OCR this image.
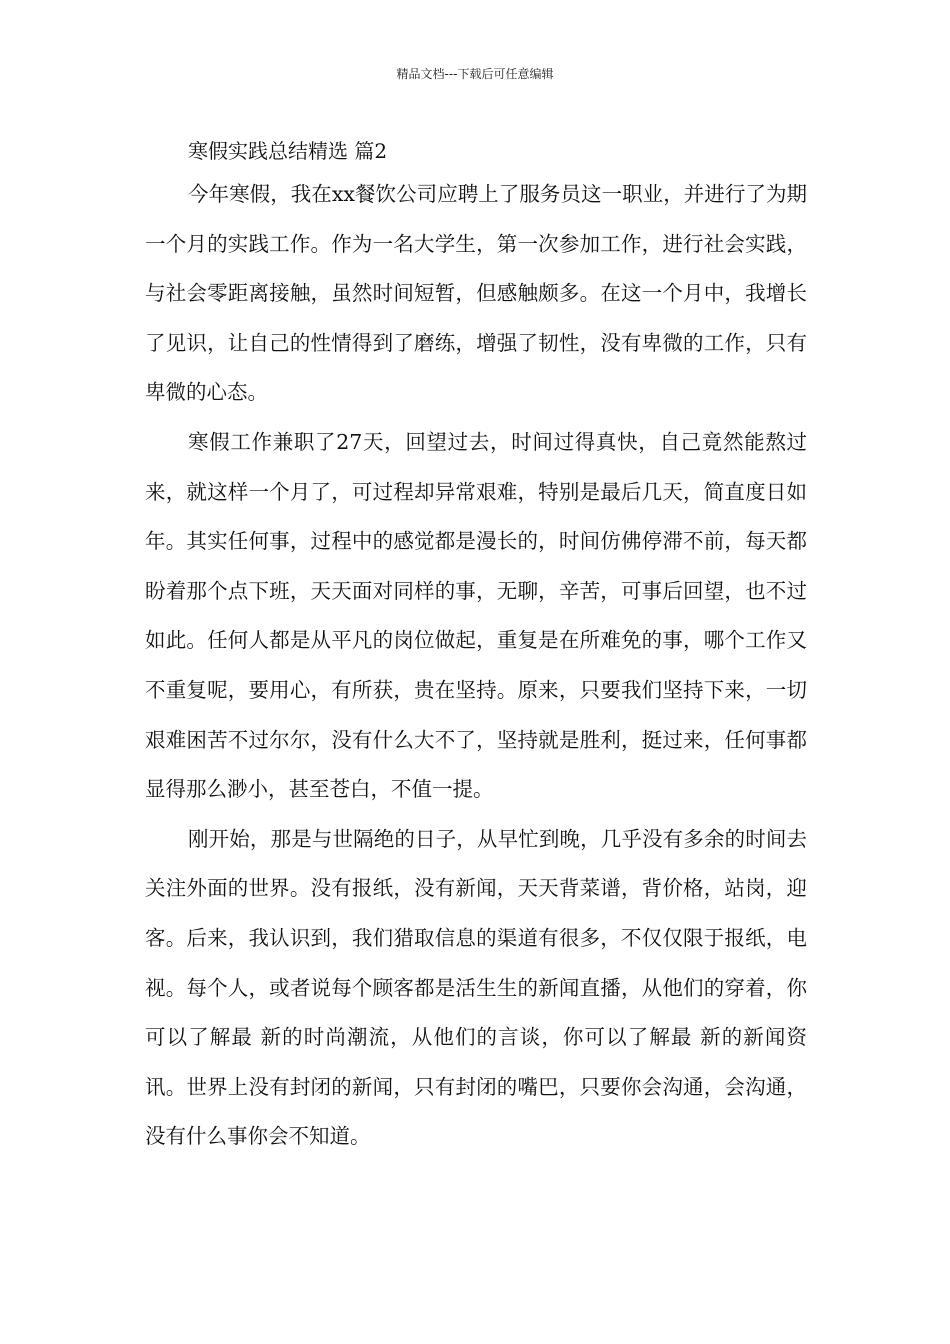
精品文档---下载后可任意编辑
寒假实践总结精选 篇2

今年寒假，我在xx餐饮公司应聘上了服务员这一职业，并进行了为期一个月的实践工作。作为一名大学生，第一次参加工作，进行社会实践，与社会零距离接触，虽然时间短暂，但感触颇多。在这一个月中，我增长了见识，让自己的性情得到了磨练，增强了韧性，没有卑微的工作，只有卑微的心态。

寒假工作兼职了27天，回望过去，时间过得真快，自己竟然能熬过来，就这样一个月了，可过程却异常艰难，特别是最后几天，简直度日如年。其实任何事，过程中的感觉都是漫长的，时间仿佛停滞不前，每天都盼着那个点下班，天天面对同样的事，无聊，辛苦，可事后回望，也不过如此。任何人都是从平凡的岗位做起，重复是在所难免的事，哪个工作又不重复呢，要用心，有所获，贵在坚持。原来，只要我们坚持下来，一切艰难困苦不过尔尔，没有什么大不了，坚持就是胜利，挺过来，任何事都显得那么渺小，甚至苍白，不值一提。

刚开始，那是与世隔绝的日子，从早忙到晚，几乎没有多余的时间去关注外面的世界。没有报纸，没有新闻，天天背菜谱，背价格，站岗，迎客。后来，我认识到，我们猎取信息的渠道有很多，不仅仅限于报纸，电视。每个人，或者说每个顾客都是活生生的新闻直播，从他们的穿着，你可以了解最 新的时尚潮流，从他们的言谈，你可以了解最 新的新闻资讯。世界上没有封闭的新闻，只有封闭的嘴巴，只要你会沟通，会沟通，没有什么事你会不知道。
